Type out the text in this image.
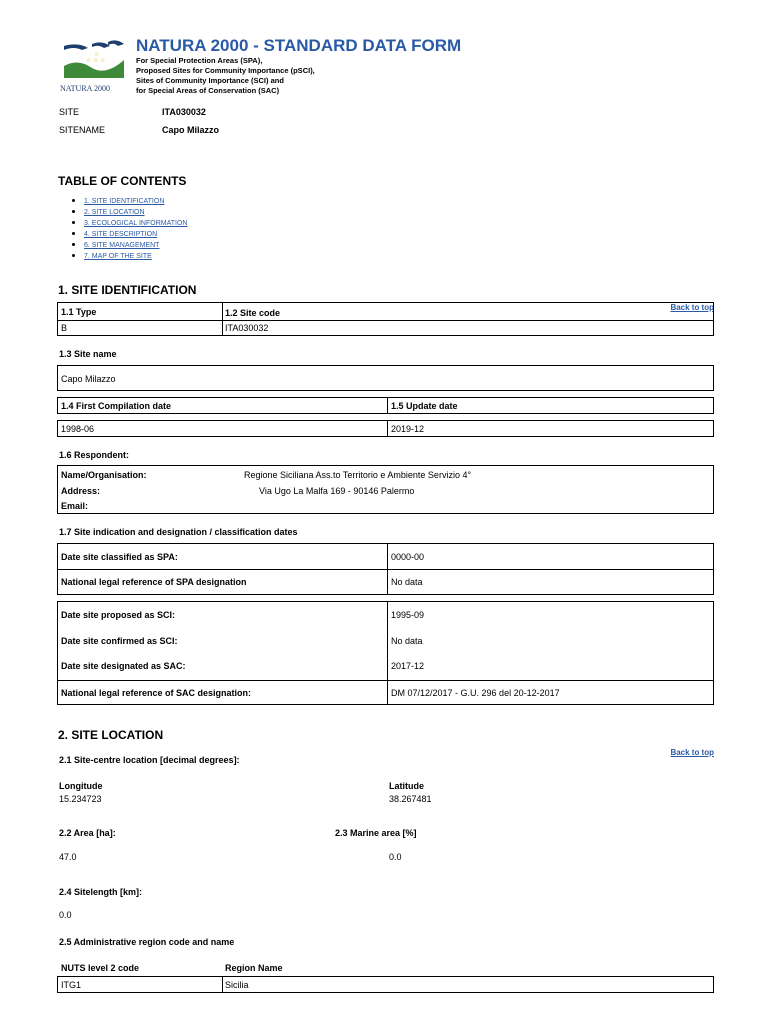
☆ ☆ ☆
☆
NATURA 2000
NATURA 2000 - STANDARD DATA FORM
For Special Protection Areas (SPA),
Proposed Sites for Community Importance (pSCI),
Sites of Community Importance (SCI) and
for Special Areas of Conservation (SAC)
SITE	ITA030032
SITENAME	Capo Milazzo
TABLE OF CONTENTS
• 1. SITE IDENTIFICATION
• 2. SITE LOCATION
• 3. ECOLOGICAL INFORMATION
• 4. SITE DESCRIPTION
• 6. SITE MANAGEMENT
• 7. MAP OF THE SITE
1. SITE IDENTIFICATION
Back to top
1.1 Type	1.2 Site code
B	ITA030032
1.3 Site name
Capo Milazzo
1.4 First Compilation date	1.5 Update date
1998-06	2019-12
1.6 Respondent:
Name/Organisation:	Regione Siciliana Ass.to Territorio e Ambiente Servizio 4°
Address:	Via Ugo La Malfa 169 - 90146 Palermo
Email:
1.7 Site indication and designation / classification dates
Date site classified as SPA:	0000-00
National legal reference of SPA designation	No data
Date site proposed as SCI:	1995-09
Date site confirmed as SCI:	No data
Date site designated as SAC:	2017-12
National legal reference of SAC designation:	DM 07/12/2017 - G.U. 296 del 20-12-2017
2. SITE LOCATION
Back to top
2.1 Site-centre location [decimal degrees]:
Longitude
15.234723
Latitude
38.267481
2.2 Area [ha]:	2.3 Marine area [%]
47.0	0.0
2.4 Sitelength [km]:
0.0
2.5 Administrative region code and name
NUTS level 2 code	Region Name
ITG1	Sicilia
